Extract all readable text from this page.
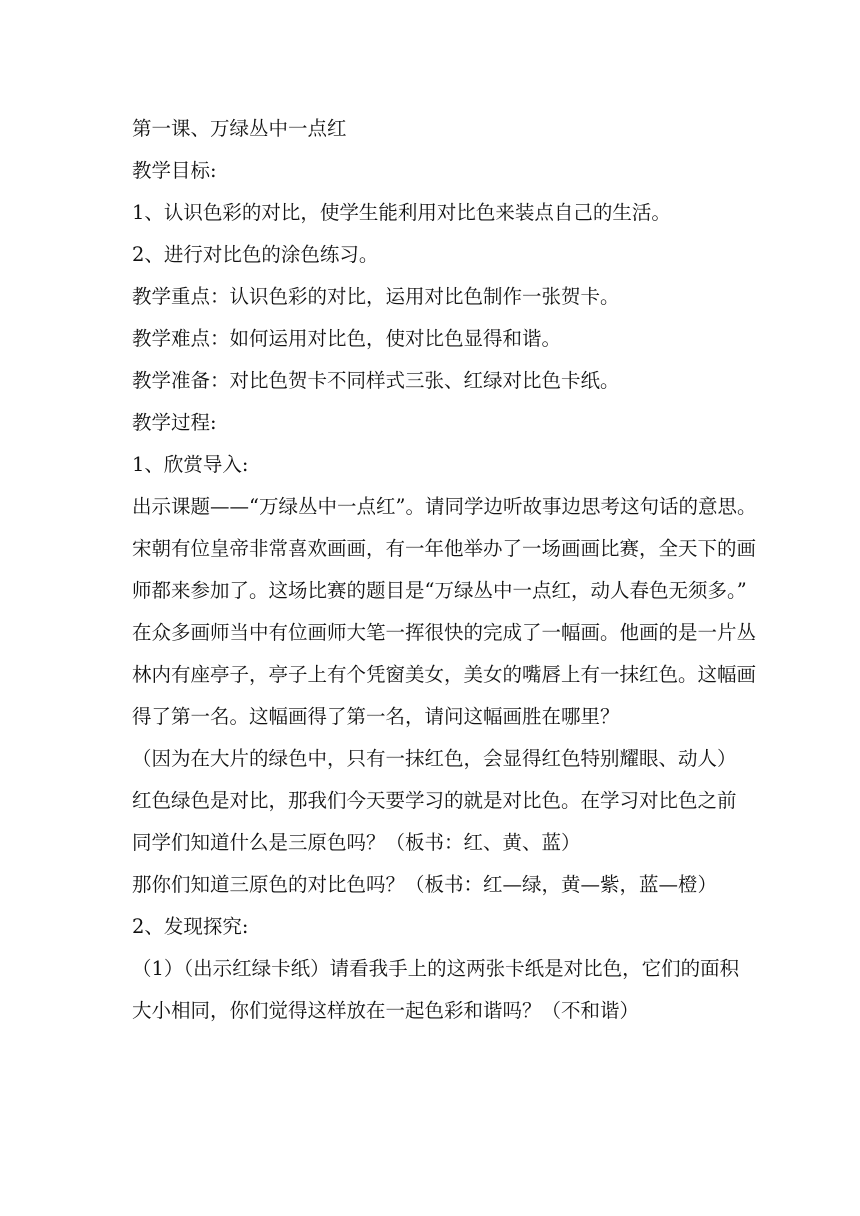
第一课、万绿丛中一点红

教学目标:

1、认识色彩的对比，使学生能利用对比色来装点自己的生活。

2、进行对比色的涂色练习。

教学重点：认识色彩的对比，运用对比色制作一张贺卡。

教学难点：如何运用对比色，使对比色显得和谐。

教学准备：对比色贺卡不同样式三张、红绿对比色卡纸。

教学过程:

1、欣赏导入:

出示课题——“万绿丛中一点红”。请同学边听故事边思考这句话的意思。

宋朝有位皇帝非常喜欢画画，有一年他举办了一场画画比赛，全天下的画

师都来参加了。这场比赛的题目是“万绿丛中一点红，动人春色无须多。”

在众多画师当中有位画师大笔一挥很快的完成了一幅画。他画的是一片丛

林内有座亭子，亭子上有个凭窗美女，美女的嘴唇上有一抹红色。这幅画

得了第一名。这幅画得了第一名，请问这幅画胜在哪里？

（因为在大片的绿色中，只有一抹红色，会显得红色特别耀眼、动人）

红色绿色是对比，那我们今天要学习的就是对比色。在学习对比色之前

同学们知道什么是三原色吗？（板书：红、黄、蓝）

那你们知道三原色的对比色吗？（板书：红—绿，黄—紫，蓝—橙）

2、发现探究:

（1）（出示红绿卡纸）请看我手上的这两张卡纸是对比色，它们的面积

大小相同，你们觉得这样放在一起色彩和谐吗？（不和谐）
